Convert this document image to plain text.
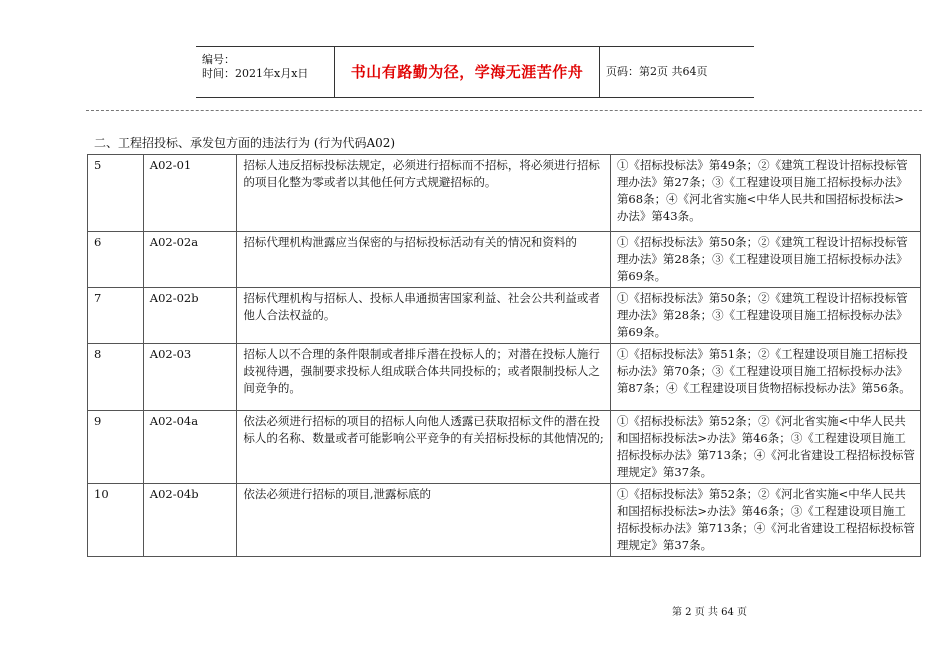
编号：
时间：2021年x月x日	书山有路勤为径，学海无涯苦作舟	页码：第2页 共64页
二、工程招投标、承发包方面的违法行为 (行为代码A02)
5	A02-01	招标人违反招标投标法规定，必须进行招标而不招标，将必须进行招标的项目化整为零或者以其他任何方式规避招标的。	①《招标投标法》第49条；②《建筑工程设计招标投标管理办法》第27条；③《工程建设项目施工招标投标办法》第68条；④《河北省实施<中华人民共和国招标投标法>办法》第43条。
6	A02-02a	招标代理机构泄露应当保密的与招标投标活动有关的情况和资料的	①《招标投标法》第50条；②《建筑工程设计招标投标管理办法》第28条；③《工程建设项目施工招标投标办法》第69条。
7	A02-02b	招标代理机构与招标人、投标人串通损害国家利益、社会公共利益或者他人合法权益的。	①《招标投标法》第50条；②《建筑工程设计招标投标管理办法》第28条；③《工程建设项目施工招标投标办法》第69条。
8	A02-03	招标人以不合理的条件限制或者排斥潜在投标人的；对潜在投标人施行歧视待遇，强制要求投标人组成联合体共同投标的；或者限制投标人之间竞争的。	①《招标投标法》第51条；②《工程建设项目施工招标投标办法》第70条；③《工程建设项目施工招标投标办法》第87条；④《工程建设项目货物招标投标办法》第56条。
9	A02-04a	依法必须进行招标的项目的招标人向他人透露已获取招标文件的潜在投标人的名称、数量或者可能影响公平竞争的有关招标投标的其他情况的;	①《招标投标法》第52条；②《河北省实施<中华人民共和国招标投标法>办法》第46条；③《工程建设项目施工招标投标办法》第713条；④《河北省建设工程招标投标管理规定》第37条。
10	A02-04b	依法必须进行招标的项目,泄露标底的	①《招标投标法》第52条；②《河北省实施<中华人民共和国招标投标法>办法》第46条；③《工程建设项目施工招标投标办法》第713条；④《河北省建设工程招标投标管理规定》第37条。
第 2 页 共 64 页
